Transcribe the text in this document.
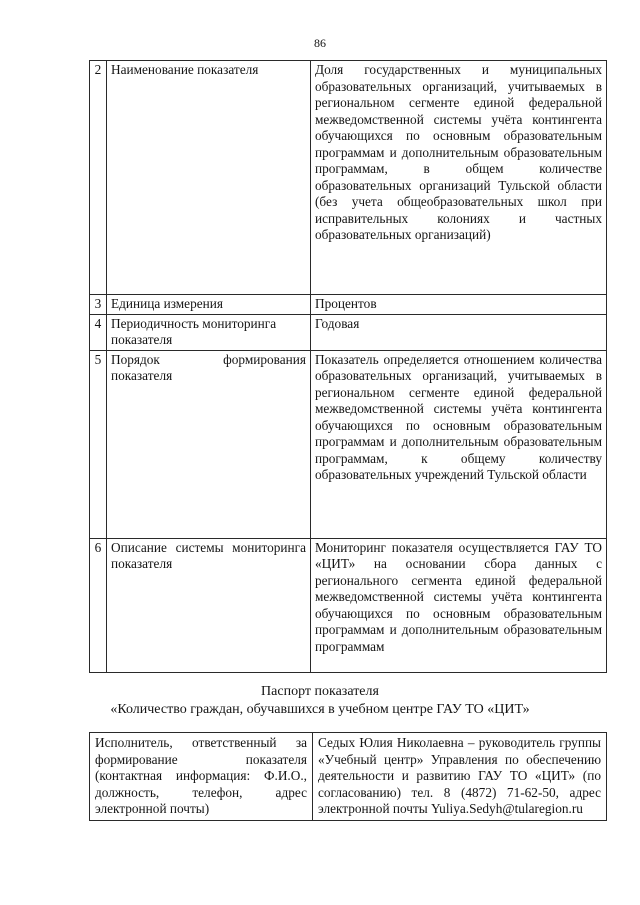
86
2	Наименование показателя	Доля государственных и муниципальных образовательных организаций, учитываемых в региональном сегменте единой федеральной межведомственной системы учёта контингента обучающихся по основным образовательным программам и дополнительным образовательным программам, в общем количестве образовательных организаций Тульской области (без учета общеобразовательных школ при исправительных колониях и частных образовательных организаций)
3	Единица измерения	Процентов
4	Периодичность мониторинга показателя	Годовая
5	Порядок формирования показателя	Показатель определяется отношением количества образовательных организаций, учитываемых в региональном сегменте единой федеральной межведомственной системы учёта контингента обучающихся по основным образовательным программам и дополнительным образовательным программам, к общему количеству образовательных учреждений Тульской области
6	Описание системы мониторинга показателя	Мониторинг показателя осуществляется ГАУ ТО «ЦИТ» на основании сбора данных с регионального сегмента единой федеральной межведомственной системы учёта контингента обучающихся по основным образовательным программам и дополнительным образовательным программам
Паспорт показателя
«Количество граждан, обучавшихся в учебном центре ГАУ ТО «ЦИТ»
Исполнитель, ответственный за формирование показателя (контактная информация: Ф.И.О., должность, телефон, адрес электронной почты)	Седых Юлия Николаевна – руководитель группы «Учебный центр» Управления по обеспечению деятельности и развитию ГАУ ТО «ЦИТ» (по согласованию) тел. 8 (4872) 71-62-50, адрес электронной почты Yuliya.Sedyh@tularegion.ru
